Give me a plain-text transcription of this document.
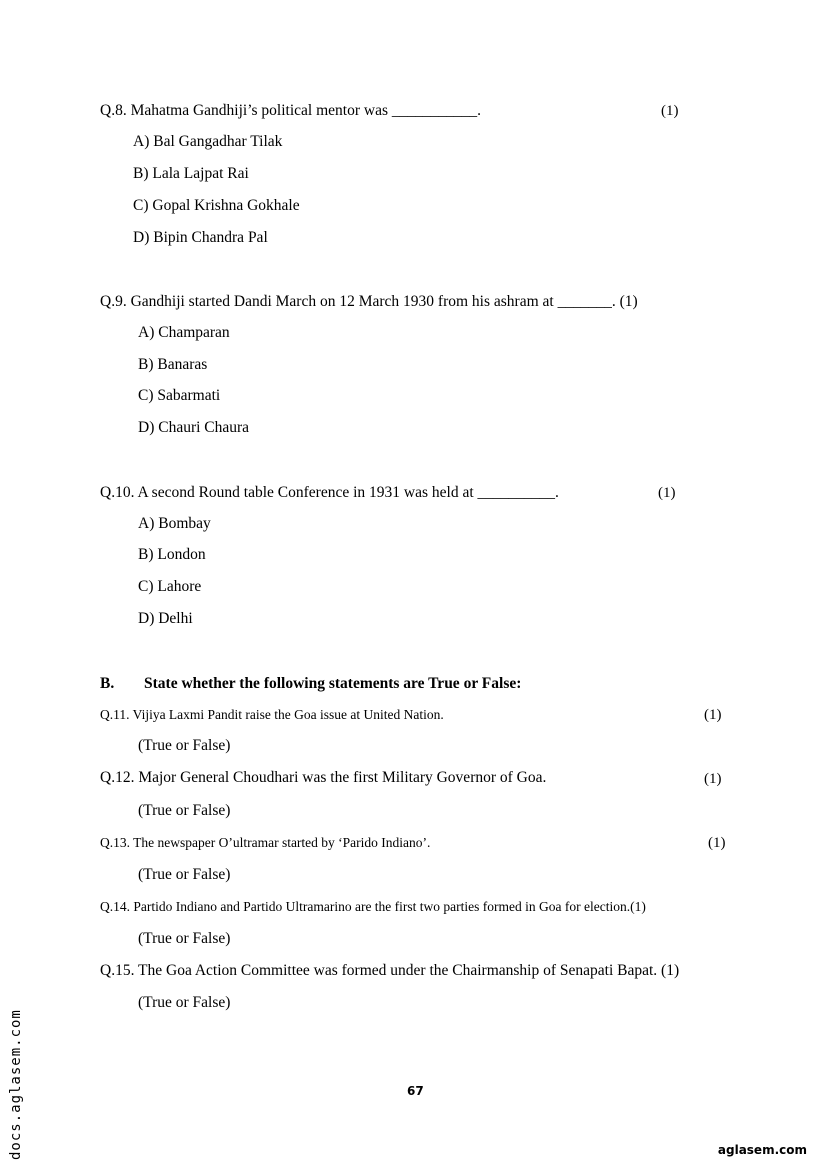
Q.8. Mahatma Gandhiji’s political mentor was ___________.	(1)
A) Bal Gangadhar Tilak
B) Lala Lajpat Rai
C) Gopal Krishna Gokhale
D) Bipin Chandra Pal
Q.9. Gandhiji started Dandi March on 12 March 1930 from his ashram at _______. (1)
A) Champaran
B) Banaras
C) Sabarmati
D) Chauri Chaura
Q.10. A second Round table Conference in 1931 was held at __________.	(1)
A) Bombay
B) London
C) Lahore
D) Delhi
B. State whether the following statements are True or False:
Q.11. Vijiya Laxmi Pandit raise the Goa issue at United Nation.	(1)
(True or False)
Q.12. Major General Choudhari was the first Military Governor of Goa.	(1)
(True or False)
Q.13. The newspaper O’ultramar started by ‘Parido Indiano’.	(1)
(True or False)
Q.14. Partido Indiano and Partido Ultramarino are the first two parties formed in Goa for election.(1)
(True or False)
Q.15. The Goa Action Committee was formed under the Chairmanship of Senapati Bapat. (1)
(True or False)
67
aglasem.com
docs.aglasem.com
